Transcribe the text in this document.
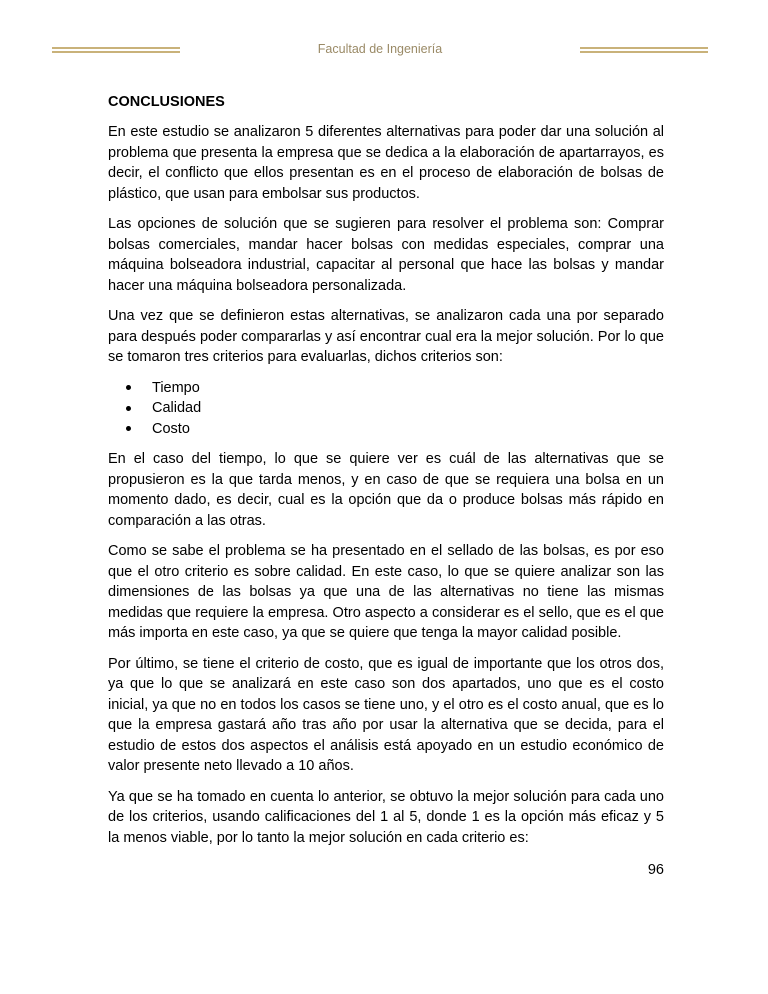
Facultad de Ingeniería
CONCLUSIONES

En este estudio se analizaron 5 diferentes alternativas para poder dar una solución al problema que presenta la empresa que se dedica a la elaboración de apartarrayos, es decir, el conflicto que ellos presentan es en el proceso de elaboración de bolsas de plástico, que usan para embolsar sus productos.

Las opciones de solución que se sugieren para resolver el problema son: Comprar bolsas comerciales, mandar hacer bolsas con medidas especiales, comprar una máquina bolseadora industrial, capacitar al personal que hace las bolsas y mandar hacer una máquina bolseadora personalizada.

Una vez que se definieron estas alternativas, se analizaron cada una por separado para después poder compararlas y así encontrar cual era la mejor solución. Por lo que se tomaron tres criterios para evaluarlas, dichos criterios son:

Tiempo
Calidad
Costo

En el caso del tiempo, lo que se quiere ver es cuál de las alternativas que se propusieron es la que tarda menos, y en caso de que se requiera una bolsa en un momento dado, es decir, cual es la opción que da o produce bolsas más rápido en comparación a las otras.

Como se sabe el problema se ha presentado en el sellado de las bolsas, es por eso que el otro criterio es sobre calidad. En este caso, lo que se quiere analizar son las dimensiones de las bolsas ya que una de las alternativas no tiene las mismas medidas que requiere la empresa. Otro aspecto a considerar es el sello, que es el que más importa en este caso, ya que se quiere que tenga la mayor calidad posible.

Por último, se tiene el criterio de costo, que es igual de importante que los otros dos, ya que lo que se analizará en este caso son dos apartados, uno que es el costo inicial, ya que no en todos los casos se tiene uno, y el otro es el costo anual, que es lo que la empresa gastará año tras año por usar la alternativa que se decida, para el estudio de estos dos aspectos el análisis está apoyado en un estudio económico de valor presente neto llevado a 10 años.

Ya que se ha tomado en cuenta lo anterior, se obtuvo la mejor solución para cada uno de los criterios, usando calificaciones del 1 al 5, donde 1 es la opción más eficaz y 5 la menos viable, por lo tanto la mejor solución en cada criterio es:

96
